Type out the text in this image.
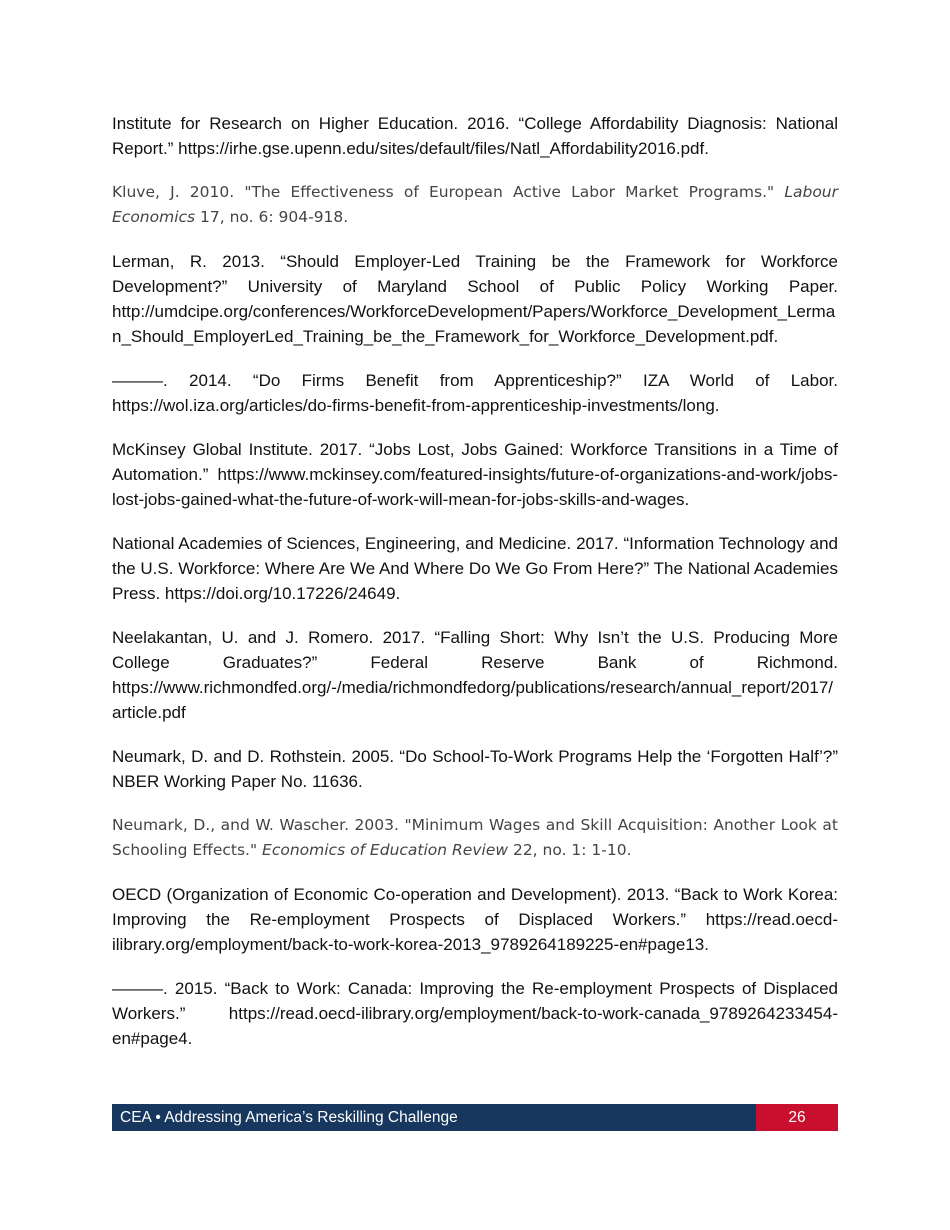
Institute for Research on Higher Education. 2016. “College Affordability Diagnosis: National Report.” https://irhe.gse.upenn.edu/sites/default/files/Natl_Affordability2016.pdf.

Kluve, J. 2010. "The Effectiveness of European Active Labor Market Programs." Labour Economics 17, no. 6: 904-918.

Lerman, R. 2013. “Should Employer-Led Training be the Framework for Workforce Development?” University of Maryland School of Public Policy Working Paper. http://umdcipe.org/conferences/WorkforceDevelopment/Papers/Workforce_Development_Lerman_Should_EmployerLed_Training_be_the_Framework_for_Workforce_Development.pdf.

———. 2014. “Do Firms Benefit from Apprenticeship?” IZA World of Labor. https://wol.iza.org/articles/do-firms-benefit-from-apprenticeship-investments/long.

McKinsey Global Institute. 2017. “Jobs Lost, Jobs Gained: Workforce Transitions in a Time of Automation.” https://www.mckinsey.com/featured-insights/future-of-organizations-and-work/jobs-lost-jobs-gained-what-the-future-of-work-will-mean-for-jobs-skills-and-wages.

National Academies of Sciences, Engineering, and Medicine. 2017. “Information Technology and the U.S. Workforce: Where Are We And Where Do We Go From Here?” The National Academies Press. https://doi.org/10.17226/24649.

Neelakantan, U. and J. Romero. 2017. “Falling Short: Why Isn’t the U.S. Producing More College Graduates?” Federal Reserve Bank of Richmond. https://www.richmondfed.org/-/media/richmondfedorg/publications/research/annual_report/2017/article.pdf

Neumark, D. and D. Rothstein. 2005. “Do School-To-Work Programs Help the ‘Forgotten Half’?” NBER Working Paper No. 11636.

Neumark, D., and W. Wascher. 2003. "Minimum Wages and Skill Acquisition: Another Look at Schooling Effects." Economics of Education Review 22, no. 1: 1-10.

OECD (Organization of Economic Co-operation and Development). 2013. “Back to Work Korea: Improving the Re-employment Prospects of Displaced Workers.” https://read.oecd-ilibrary.org/employment/back-to-work-korea-2013_9789264189225-en#page13.

———. 2015. “Back to Work: Canada: Improving the Re-employment Prospects of Displaced Workers.” https://read.oecd-ilibrary.org/employment/back-to-work-canada_9789264233454-en#page4.

CEA • Addressing America’s Reskilling Challenge	26
